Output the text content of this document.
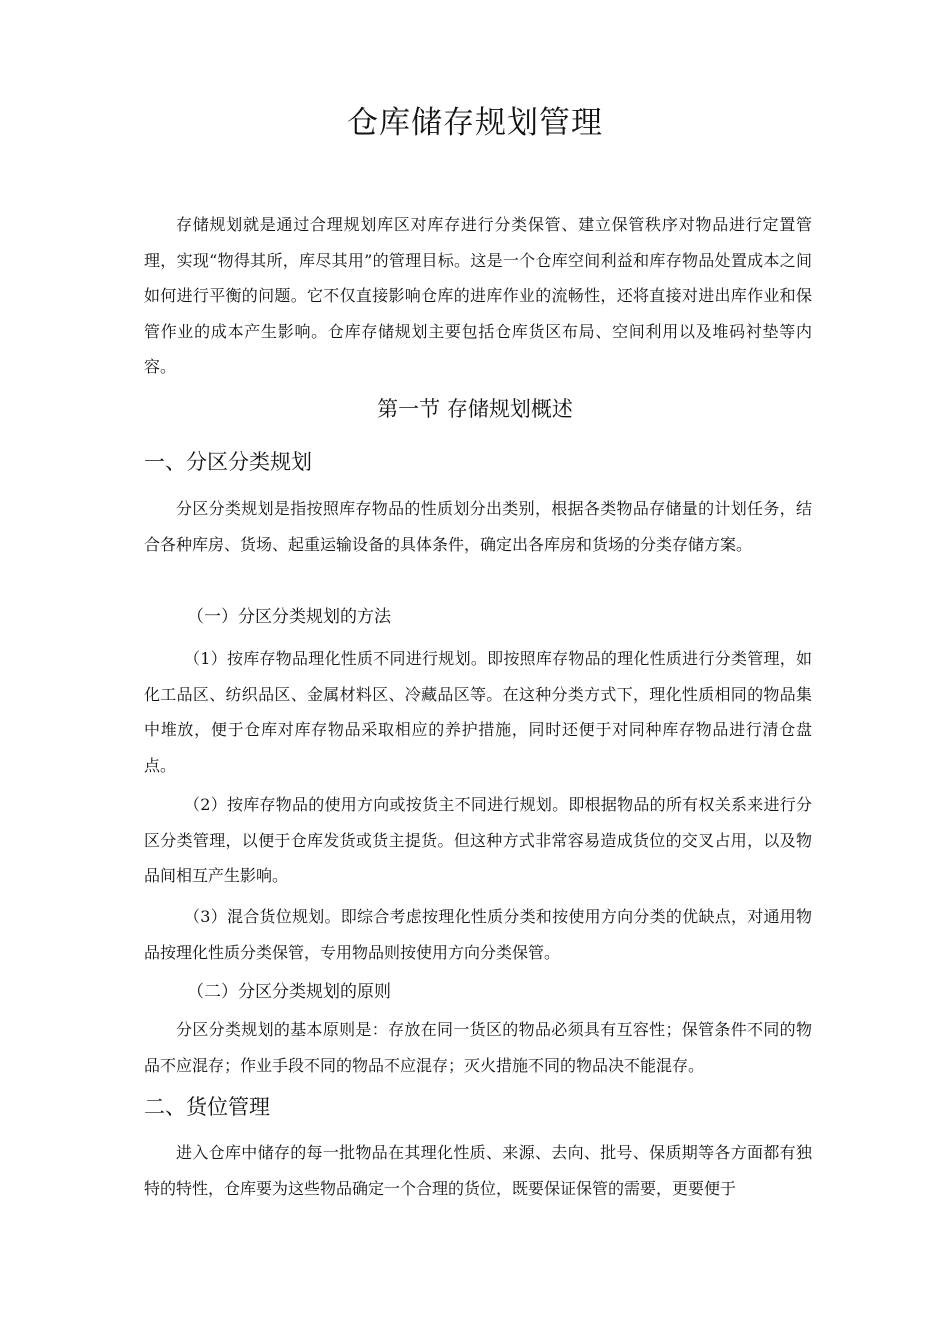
仓库储存规划管理

存储规划就是通过合理规划库区对库存进行分类保管、建立保管秩序对物品进行定置管理，实现“物得其所，库尽其用”的管理目标。这是一个仓库空间利益和库存物品处置成本之间如何进行平衡的问题。它不仅直接影响仓库的进库作业的流畅性，还将直接对进出库作业和保管作业的成本产生影响。仓库存储规划主要包括仓库货区布局、空间利用以及堆码衬垫等内容。

第一节 存储规划概述
一、分区分类规划

分区分类规划是指按照库存物品的性质划分出类别，根据各类物品存储量的计划任务，结合各种库房、货场、起重运输设备的具体条件，确定出各库房和货场的分类存储方案。

（一）分区分类规划的方法

（1）按库存物品理化性质不同进行规划。即按照库存物品的理化性质进行分类管理，如化工品区、纺织品区、金属材料区、冷藏品区等。在这种分类方式下，理化性质相同的物品集中堆放，便于仓库对库存物品采取相应的养护措施，同时还便于对同种库存物品进行清仓盘点。

（2）按库存物品的使用方向或按货主不同进行规划。即根据物品的所有权关系来进行分区分类管理，以便于仓库发货或货主提货。但这种方式非常容易造成货位的交叉占用，以及物品间相互产生影响。

（3）混合货位规划。即综合考虑按理化性质分类和按使用方向分类的优缺点，对通用物品按理化性质分类保管，专用物品则按使用方向分类保管。

（二）分区分类规划的原则

分区分类规划的基本原则是：存放在同一货区的物品必须具有互容性；保管条件不同的物品不应混存；作业手段不同的物品不应混存；灭火措施不同的物品决不能混存。

二、货位管理

进入仓库中储存的每一批物品在其理化性质、来源、去向、批号、保质期等各方面都有独特的特性，仓库要为这些物品确定一个合理的货位，既要保证保管的需要，更要便于
